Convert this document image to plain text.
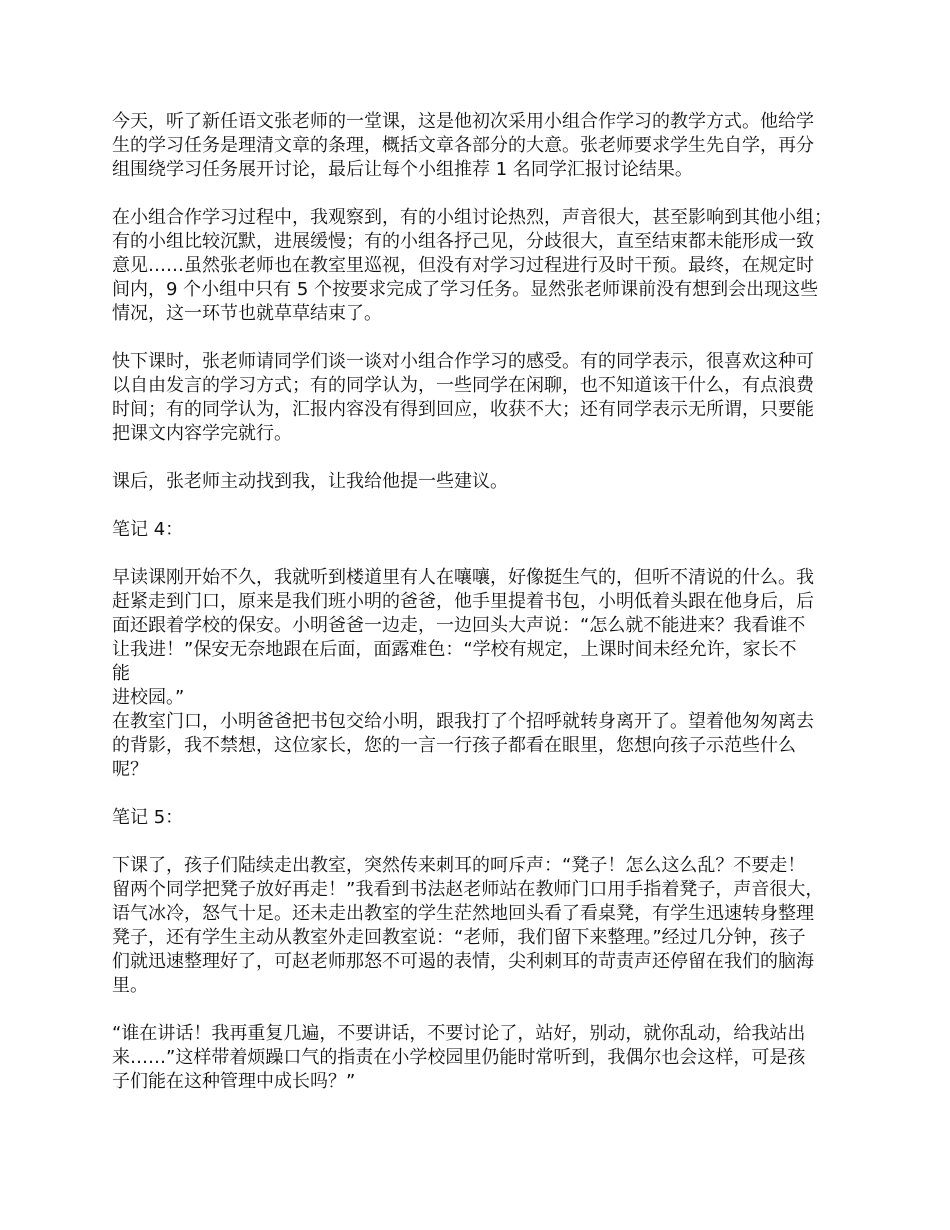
今天，听了新任语文张老师的一堂课，这是他初次采用小组合作学习的教学方式。他给学
生的学习任务是理清文章的条理，概括文章各部分的大意。张老师要求学生先自学，再分
组围绕学习任务展开讨论，最后让每个小组推荐 1 名同学汇报讨论结果。
在小组合作学习过程中，我观察到，有的小组讨论热烈，声音很大，甚至影响到其他小组；
有的小组比较沉默，进展缓慢；有的小组各抒己见，分歧很大，直至结束都未能形成一致
意见……虽然张老师也在教室里巡视，但没有对学习过程进行及时干预。最终，在规定时
间内，9 个小组中只有 5 个按要求完成了学习任务。显然张老师课前没有想到会出现这些
情况，这一环节也就草草结束了。
快下课时，张老师请同学们谈一谈对小组合作学习的感受。有的同学表示，很喜欢这种可
以自由发言的学习方式；有的同学认为，一些同学在闲聊，也不知道该干什么，有点浪费
时间；有的同学认为，汇报内容没有得到回应，收获不大；还有同学表示无所谓，只要能
把课文内容学完就行。
课后，张老师主动找到我，让我给他提一些建议。
笔记 4：
早读课刚开始不久，我就听到楼道里有人在嚷嚷，好像挺生气的，但听不清说的什么。我
赶紧走到门口，原来是我们班小明的爸爸，他手里提着书包，小明低着头跟在他身后，后
面还跟着学校的保安。小明爸爸一边走，一边回头大声说：“怎么就不能进来？我看谁不
让我进！”保安无奈地跟在后面，面露难色：“学校有规定，上课时间未经允许，家长不
能
进校园。”
在教室门口，小明爸爸把书包交给小明，跟我打了个招呼就转身离开了。望着他匆匆离去
的背影，我不禁想，这位家长，您的一言一行孩子都看在眼里，您想向孩子示范些什么
呢？
笔记 5：
下课了，孩子们陆续走出教室，突然传来刺耳的呵斥声：“凳子！怎么这么乱？不要走！
留两个同学把凳子放好再走！”我看到书法赵老师站在教师门口用手指着凳子，声音很大，
语气冰冷，怒气十足。还未走出教室的学生茫然地回头看了看桌凳，有学生迅速转身整理
凳子，还有学生主动从教室外走回教室说：“老师，我们留下来整理。”经过几分钟，孩子
们就迅速整理好了，可赵老师那怒不可遏的表情，尖利刺耳的苛责声还停留在我们的脑海
里。
“谁在讲话！我再重复几遍，不要讲话，不要讨论了，站好，别动，就你乱动，给我站出
来……”这样带着烦躁口气的指责在小学校园里仍能时常听到，我偶尔也会这样，可是孩
子们能在这种管理中成长吗？”
